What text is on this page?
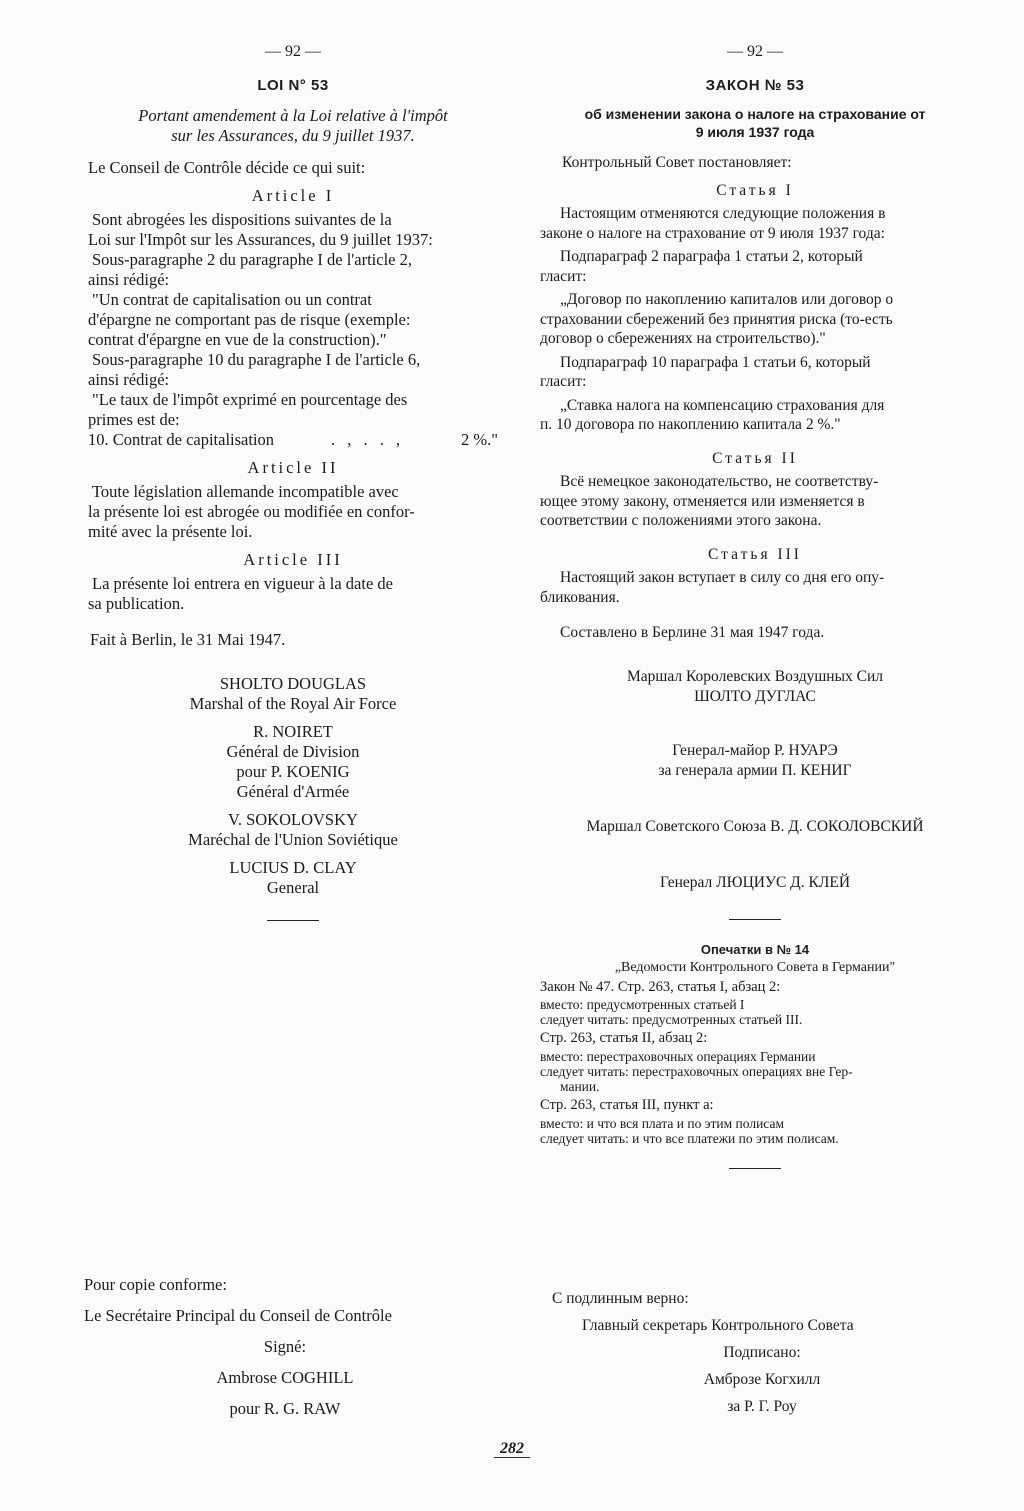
— 92 —
LOI N° 53
Portant amendement à la Loi relative à l'impôt
sur les Assurances, du 9 juillet 1937.
Le Conseil de Contrôle décide ce qui suit:
Article I
Sont abrogées les dispositions suivantes de la
Loi sur l'Impôt sur les Assurances, du 9 juillet 1937:
Sous-paragraphe 2 du paragraphe I de l'article 2,
ainsi rédigé:
"Un contrat de capitalisation ou un contrat
d'épargne ne comportant pas de risque (exemple:
contrat d'épargne en vue de la construction)."
Sous-paragraphe 10 du paragraphe I de l'article 6,
ainsi rédigé:
"Le taux de l'impôt exprimé en pourcentage des
primes est de:
10. Contrat de capitalisation	. , . . ,	2 %."
Article II
Toute législation allemande incompatible avec
la présente loi est abrogée ou modifiée en confor-
mité avec la présente loi.
Article III
La présente loi entrera en vigueur à la date de
sa publication.
Fait à Berlin, le 31 Mai 1947.
SHOLTO DOUGLAS
Marshal of the Royal Air Force
R. NOIRET
Général de Division
pour P. KOENIG
Général d'Armée
V. SOKOLOVSKY
Maréchal de l'Union Soviétique
LUCIUS D. CLAY
General
Pour copie conforme:
Le Secrétaire Principal du Conseil de Contrôle
Signé:
Ambrose COGHILL
pour R. G. RAW
— 92 —
ЗАКОН № 53
об изменении закона о налоге на страхование от
9 июля 1937 года
Контрольный Совет постановляет:
Статья I
Настоящим отменяются следующие положения в
законе о налоге на страхование от 9 июля 1937 года:
Подпараграф 2 параграфа 1 статьи 2, который
гласит:
„Договор по накоплению капиталов или договор о
страховании сбережений без принятия риска (то-есть
договор о сбережениях на строительство)."
Подпараграф 10 параграфа 1 статьи 6, который
гласит:
„Ставка налога на компенсацию страхования для
п. 10 договора по накоплению капитала 2 %."
Статья II
Всё немецкое законодательство, не соответству-
ющее этому закону, отменяется или изменяется в
соответствии с положениями этого закона.
Статья III
Настоящий закон вступает в силу со дня его опу-
бликования.
Составлено в Берлине 31 мая 1947 года.
Маршал Королевских Воздушных Сил
ШОЛТО ДУГЛАС
Генерал-майор Р. НУАРЭ
за генерала армии П. КЕНИГ
Маршал Советского Союза В. Д. СОКОЛОВСКИЙ
Генерал ЛЮЦИУС Д. КЛЕЙ
Опечатки в № 14
„Ведомости Контрольного Совета в Германии"
Закон № 47. Стр. 263, статья I, абзац 2:
вместо: предусмотренных статьей I
следует читать: предусмотренных статьей III.
Стр. 263, статья II, абзац 2:
вместо: перестраховочных операциях Германии
следует читать: перестраховочных операциях вне Гер-
мании.
Стр. 263, статья III, пункт а:
вместо: и что вся плата и по этим полисам
следует читать: и что все платежи по этим полисам.
С подлинным верно:
Главный секретарь Контрольного Совета
Подписано:
Амброзе Когхилл
за Р. Г. Роу
282
